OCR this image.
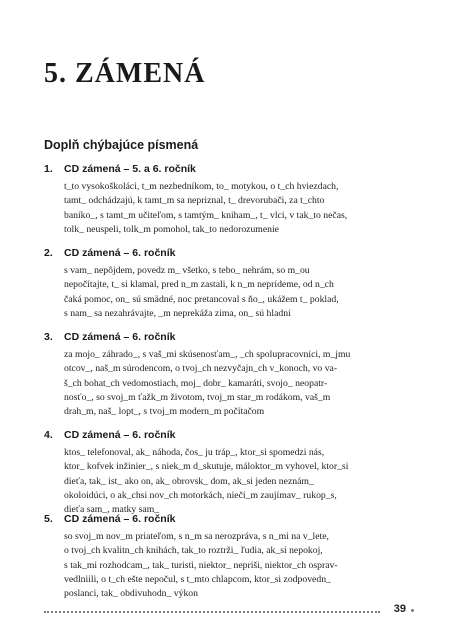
5. ZÁMENÁ
Doplň chýbajúce písmená
1. CD zámená – 5. a 6. ročník
t_to vysokoškoláci, t_m nezbedníkom, to_ motykou, o t_ch hviezdach,
tamt_ odchádzajú, k tamt_m sa nepriznal, t_ drevorubači, za t_chto
baníko_, s tamt_m učiteľom, s tamtým_ kniham_, t_ vlci, v tak_to nečas,
tolk_ neuspeli, tolk_m pomohol, tak_to nedorozumenie
2. CD zámená – 6. ročník
s vam_ nepôjdem, povedz m_ všetko, s tebo_ nehrám, so m_ou
nepočítajte, t_ si klamal, pred n_m zastali, k n_m neprídeme, od n_ch
čaká pomoc, on_ sú smädné, noc pretancoval s ňo_, ukážem t_ poklad,
s nam_ sa nezahrávajte, _m neprekáža zima, on_ sú hladní
3. CD zámená – 6. ročník
za mojo_ záhrado_, s vaš_mi skúsenosťam_, _ch spolupracovníci, m_jmu
otcov_, naš_m súrodencom, o tvoj_ch nezvyčajn_ch v_konoch, vo va-
š_ch bohat_ch vedomostiach, moj_ dobr_ kamaráti, svojo_ neopatr-
nosťo_, so svoj_m ťažk_m životom, tvoj_m star_m rodákom, vaš_m
drah_m, naš_ lopt_, s tvoj_m modern_m počítačom
4. CD zámená – 6. ročník
ktos_ telefonoval, ak_ náhoda, čos_ ju tráp_, ktor_si spomedzi nás,
ktor_ kofvek inžinier_, s niek_m d_skutuje, máloktor_m vyhovel, ktor_si
dieťa, tak_ ist_ ako on, ak_ obrovsk_ dom, ak_si jeden neznám_
okoloidúci, o ak_chsi nov_ch motorkách, niečí_m zaujímav_ rukop_s,
dieťa sam_, matky sam_
5. CD zámená – 6. ročník
so svoj_m nov_m priateľom, s n_m sa nerozpráva, s n_mi na v_lete,
o tvoj_ch kvalitn_ch knihách, tak_to roztrži_ ľudia, ak_si nepokoj,
s tak_mi rozhodcam_, tak_ turisti, niektor_ nepriši, niektor_ch osprav-
vedlniili, o t_ch ešte nepočul, s t_mto chlapcom, ktor_si zodpovedn_
poslanci, tak_ obdivuhodn_ výkon
39
